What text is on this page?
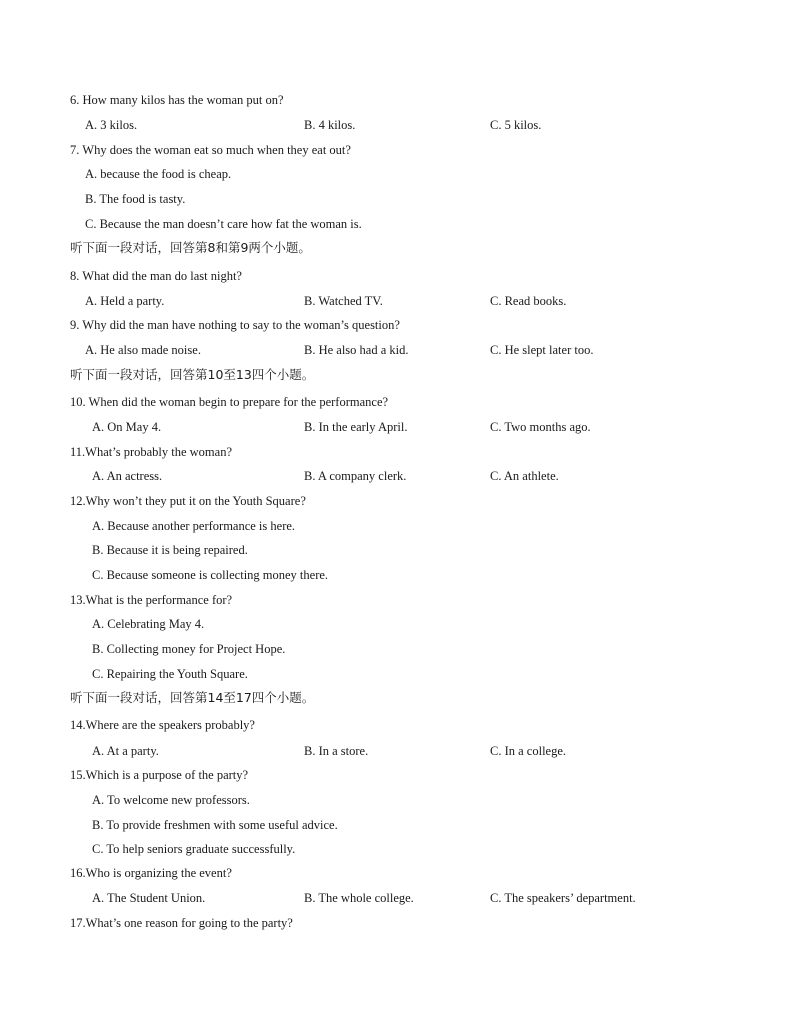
6. How many kilos has the woman put on?
A. 3 kilos.	B. 4 kilos.	C. 5 kilos.
7. Why does the woman eat so much when they eat out?
A. because the food is cheap.
B. The food is tasty.
C. Because the man doesn’t care how fat the woman is.
听下面一段对话，回答第8和第9两个小题。
8. What did the man do last night?
A. Held a party.	B. Watched TV.	C. Read books.
9. Why did the man have nothing to say to the woman’s question?
A. He also made noise.	B. He also had a kid.	C. He slept later too.
听下面一段对话，回答第10至13四个小题。
10. When did the woman begin to prepare for the performance?
A. On May 4.	B. In the early April.	C. Two months ago.
11.What’s probably the woman?
A. An actress.	B. A company clerk.	C. An athlete.
12.Why won’t they put it on the Youth Square?
A. Because another performance is here.
B. Because it is being repaired.
C. Because someone is collecting money there.
13.What is the performance for?
A. Celebrating May 4.
B. Collecting money for Project Hope.
C. Repairing the Youth Square.
听下面一段对话，回答第14至17四个小题。
14.Where are the speakers probably?
A. At a party.	B. In a store.	C. In a college.
15.Which is a purpose of the party?
A. To welcome new professors.
B. To provide freshmen with some useful advice.
C. To help seniors graduate successfully.
16.Who is organizing the event?
A. The Student Union.	B. The whole college.	C. The speakers’ department.
17.What’s one reason for going to the party?
